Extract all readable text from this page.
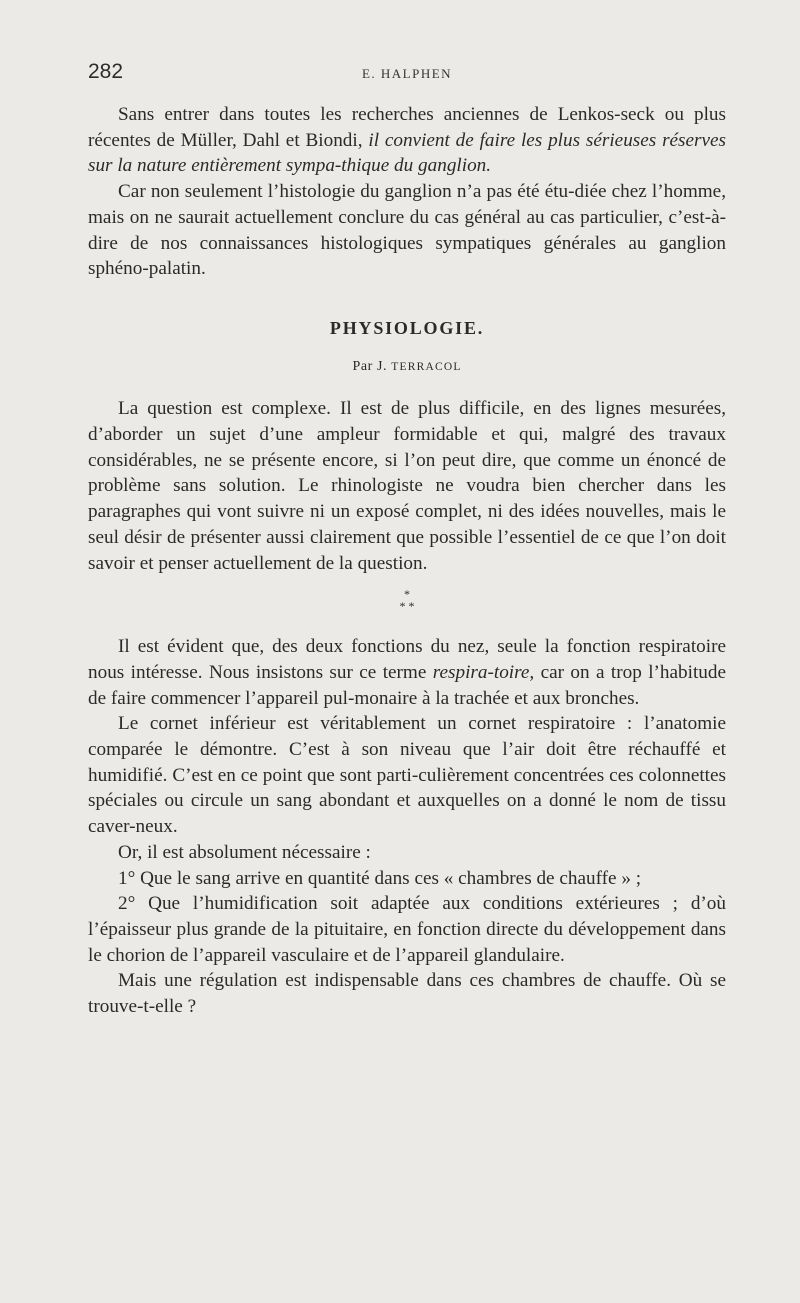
282	E. HALPHEN

Sans entrer dans toutes les recherches anciennes de Lenkos-seck ou plus récentes de Müller, Dahl et Biondi, il convient de faire les plus sérieuses réserves sur la nature entièrement sympa-thique du ganglion.

Car non seulement l’histologie du ganglion n’a pas été étu-diée chez l’homme, mais on ne saurait actuellement conclure du cas général au cas particulier, c’est-à-dire de nos connaissances histologiques sympatiques générales au ganglion sphéno-palatin.

PHYSIOLOGIE.
Par J. TERRACOL

La question est complexe. Il est de plus difficile, en des lignes mesurées, d’aborder un sujet d’une ampleur formidable et qui, malgré des travaux considérables, ne se présente encore, si l’on peut dire, que comme un énoncé de problème sans solution. Le rhinologiste ne voudra bien chercher dans les paragraphes qui vont suivre ni un exposé complet, ni des idées nouvelles, mais le seul désir de présenter aussi clairement que possible l’essentiel de ce que l’on doit savoir et penser actuellement de la question.

*
* *

Il est évident que, des deux fonctions du nez, seule la fonction respiratoire nous intéresse. Nous insistons sur ce terme respira-toire, car on a trop l’habitude de faire commencer l’appareil pul-monaire à la trachée et aux bronches.

Le cornet inférieur est véritablement un cornet respiratoire : l’anatomie comparée le démontre. C’est à son niveau que l’air doit être réchauffé et humidifié. C’est en ce point que sont parti-culièrement concentrées ces colonnettes spéciales ou circule un sang abondant et auxquelles on a donné le nom de tissu caver-neux.

Or, il est absolument nécessaire :

1° Que le sang arrive en quantité dans ces « chambres de chauffe » ;

2° Que l’humidification soit adaptée aux conditions extérieures ; d’où l’épaisseur plus grande de la pituitaire, en fonction directe du développement dans le chorion de l’appareil vasculaire et de l’appareil glandulaire.

Mais une régulation est indispensable dans ces chambres de chauffe. Où se trouve-t-elle ?
